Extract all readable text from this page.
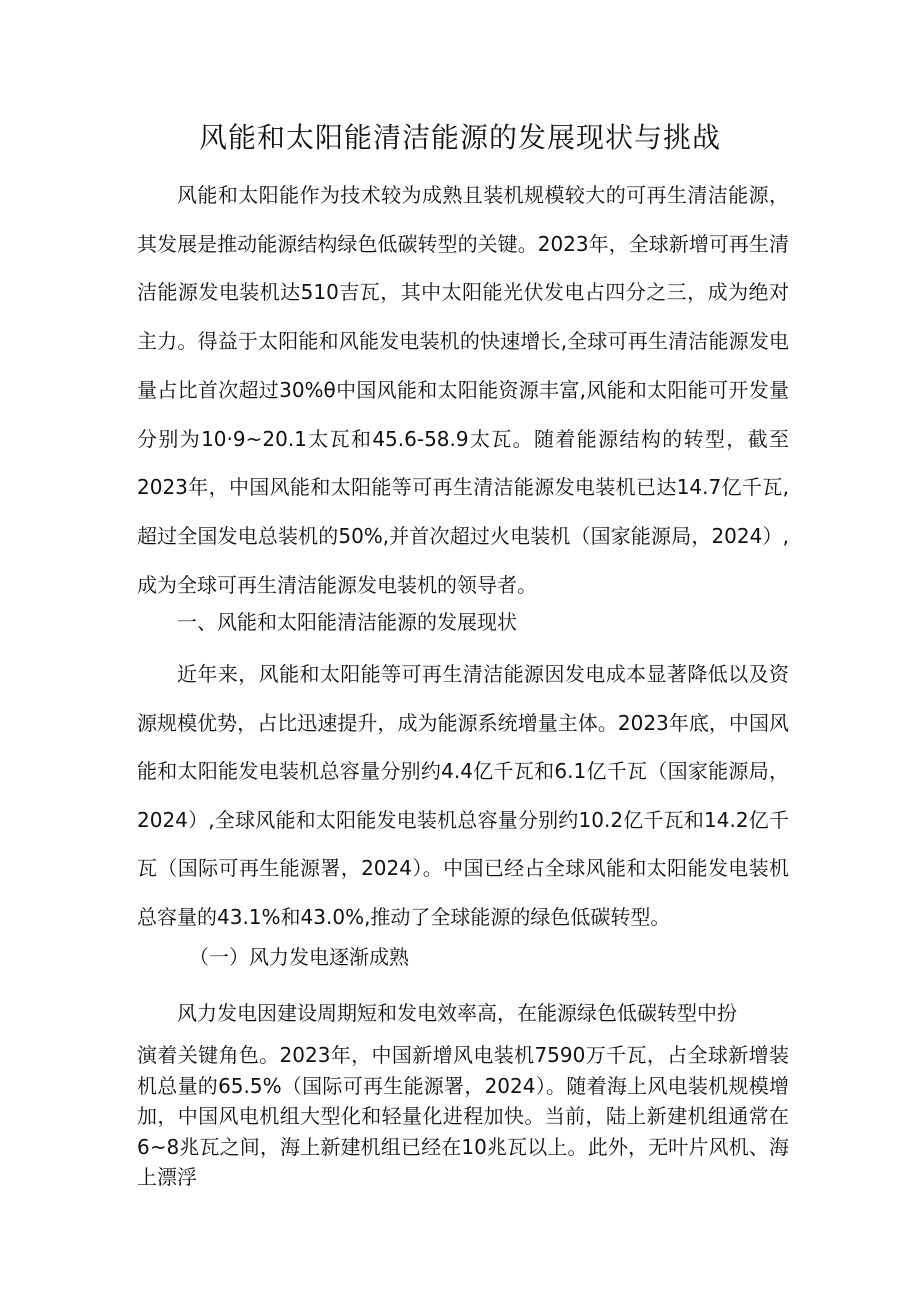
风能和太阳能清洁能源的发展现状与挑战

风能和太阳能作为技术较为成熟且装机规模较大的可再生清洁能源，其发展是推动能源结构绿色低碳转型的关键。2023年，全球新增可再生清洁能源发电装机达510吉瓦，其中太阳能光伏发电占四分之三，成为绝对主力。得益于太阳能和风能发电装机的快速增长,全球可再生清洁能源发电量占比首次超过30%θ中国风能和太阳能资源丰富,风能和太阳能可开发量分别为10·9~20.1太瓦和45.6-58.9太瓦。随着能源结构的转型，截至2023年，中国风能和太阳能等可再生清洁能源发电装机已达14.7亿千瓦,超过全国发电总装机的50%,并首次超过火电装机（国家能源局，2024）,成为全球可再生清洁能源发电装机的领导者。

一、风能和太阳能清洁能源的发展现状

近年来，风能和太阳能等可再生清洁能源因发电成本显著降低以及资源规模优势，占比迅速提升，成为能源系统增量主体。2023年底，中国风能和太阳能发电装机总容量分别约4.4亿千瓦和6.1亿千瓦（国家能源局，2024）,全球风能和太阳能发电装机总容量分别约10.2亿千瓦和14.2亿千瓦（国际可再生能源署，2024）。中国已经占全球风能和太阳能发电装机总容量的43.1%和43.0%,推动了全球能源的绿色低碳转型。

（一）风力发电逐渐成熟

风力发电因建设周期短和发电效率高，在能源绿色低碳转型中扮

演着关键角色。2023年，中国新增风电装机7590万千瓦，占全球新增装机总量的65.5%（国际可再生能源署，2024）。随着海上风电装机规模增加，中国风电机组大型化和轻量化进程加快。当前，陆上新建机组通常在6~8兆瓦之间，海上新建机组已经在10兆瓦以上。此外，无叶片风机、海上漂浮
